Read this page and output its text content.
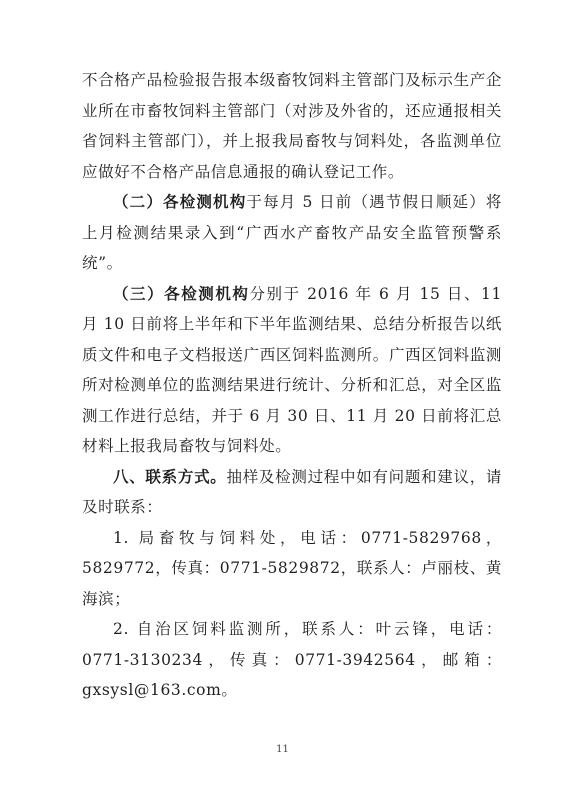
不合格产品检验报告报本级畜牧饲料主管部门及标示生产企业所在市畜牧饲料主管部门（对涉及外省的，还应通报相关省饲料主管部门），并上报我局畜牧与饲料处，各监测单位应做好不合格产品信息通报的确认登记工作。

（二）各检测机构于每月 5 日前（遇节假日顺延）将上月检测结果录入到“广西水产畜牧产品安全监管预警系统”。

（三）各检测机构分别于 2016 年 6 月 15 日、11 月 10 日前将上半年和下半年监测结果、总结分析报告以纸质文件和电子文档报送广西区饲料监测所。广西区饲料监测所对检测单位的监测结果进行统计、分析和汇总，对全区监测工作进行总结，并于 6 月 30 日、11 月 20 日前将汇总材料上报我局畜牧与饲料处。

八、联系方式。抽样及检测过程中如有问题和建议，请及时联系：

1. 局畜牧与饲料处，电话：0771-5829768，5829772，传真：0771-5829872，联系人：卢丽枝、黄海滨；

2. 自治区饲料监测所，联系人：叶云锋，电话：0771-3130234，传真：0771-3942564，邮箱：gxsysl@163.com。

11
